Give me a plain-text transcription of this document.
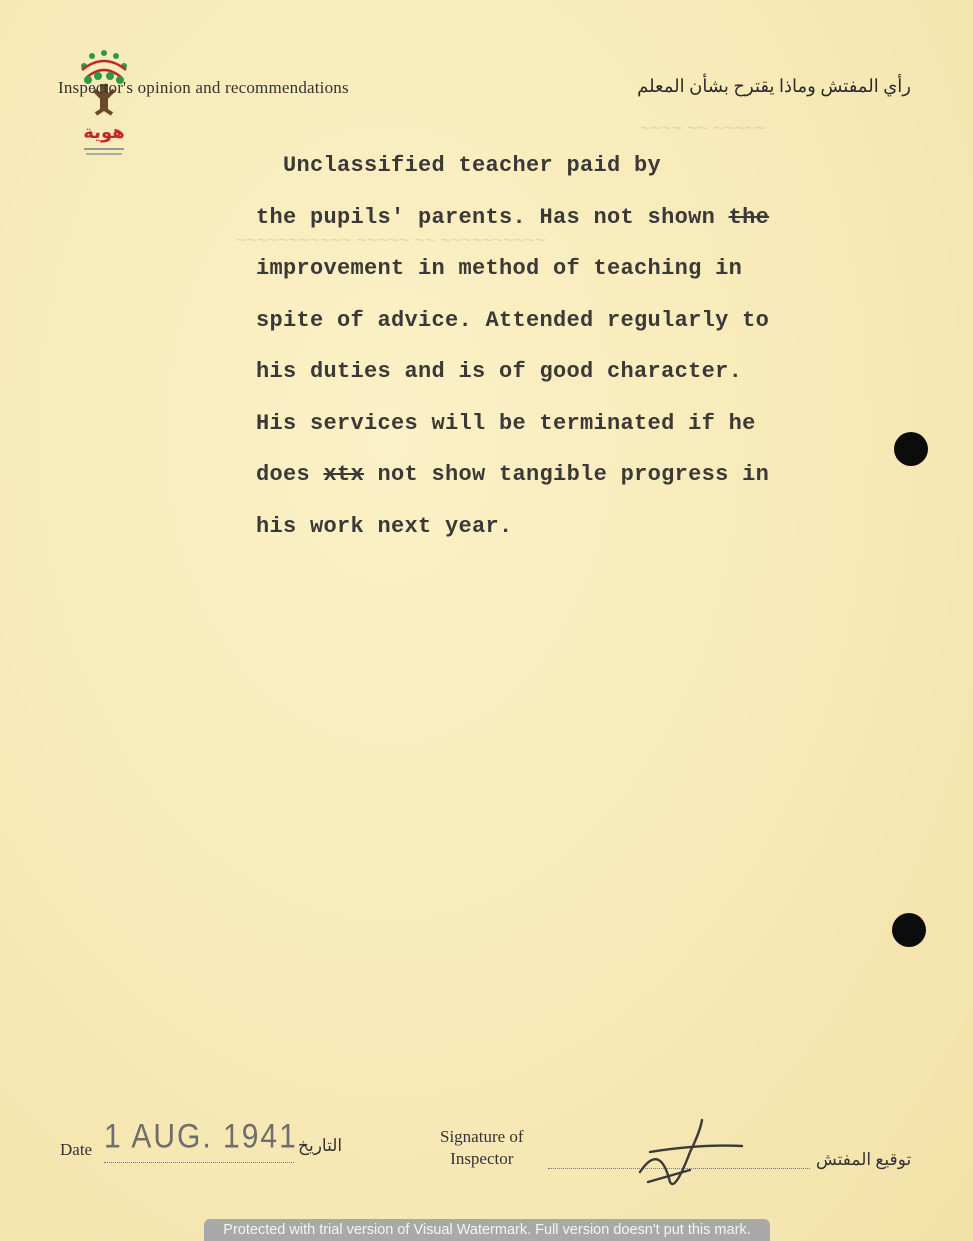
~~~~ ~~ ~~~~~
~~~~~~~~~~~ ~~~~~ ~~ ~~~~~~~~~~
هوية
Inspector's opinion and recommendations	رأي المفتش وماذا يقترح بشأن المعلم
Unclassified teacher paid by
the pupils' parents. Has not shown the
improvement in method of teaching in
spite of advice. Attended regularly to
his duties and is of good character.
His services will be terminated if he
does xtx not show tangible progress in
his work next year.
Date 1 AUG. 1941 التاريخ	Signature of
Inspector	توقيع المفتش
Protected with trial version of Visual Watermark. Full version doesn't put this mark.
